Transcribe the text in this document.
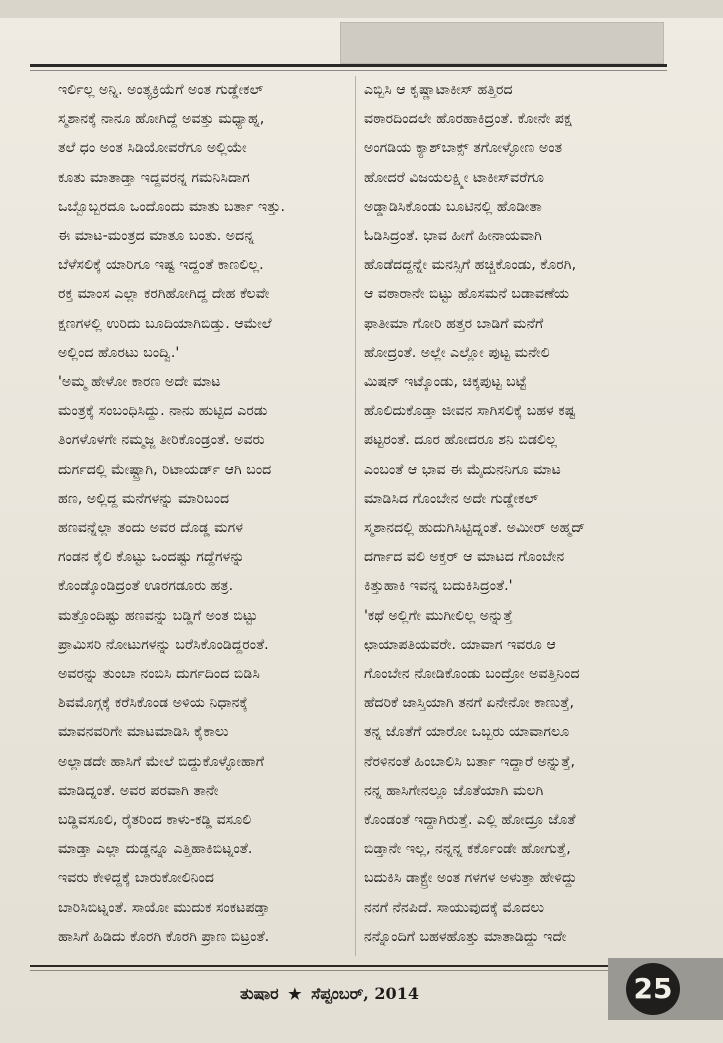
ಇರ್ಲಿಲ್ಲ ಅನ್ನಿ. ಅಂತ್ಯಕ್ರಿಯೆಗೆ ಅಂತ ಗುಡ್ಡೇಕಲ್

ಸ್ಮಶಾನಕ್ಕೆ ನಾನೂ ಹೋಗಿದ್ದೆ ಅವತ್ತು ಮಧ್ಯಾಹ್ನ,

ತಲೆ ಧಂ ಅಂತ ಸಿಡಿಯೋವರೆಗೂ ಅಲ್ಲಿಯೇ

ಕೂತು ಮಾತಾಡ್ತಾ ಇದ್ದವರನ್ನ ಗಮನಿಸಿದಾಗ

ಒಬ್ಬೊಬ್ಬರದೂ ಒಂದೊಂದು ಮಾತು ಬರ್ತಾ ಇತ್ತು.

ಈ ಮಾಟ-ಮಂತ್ರದ ಮಾತೂ ಬಂತು. ಅದನ್ನ

ಬೆಳೆಸಲಿಕ್ಕೆ ಯಾರಿಗೂ ಇಷ್ಟ ಇದ್ದಂತೆ ಕಾಣಲಿಲ್ಲ.

ರಕ್ತ ಮಾಂಸ ಎಲ್ಲಾ ಕರಗಿಹೋಗಿದ್ದ ದೇಹ ಕೆಲವೇ

ಕ್ಷಣಗಳಲ್ಲಿ ಉರಿದು ಬೂದಿಯಾಗಿಬಿಡ್ತು. ಆಮೇಲೆ

ಅಲ್ಲಿಂದ ಹೊರಟು ಬಂದ್ವಿ.'

'ಅಮ್ಮ ಹೇಳೋ ಕಾರಣ ಅದೇ ಮಾಟ

ಮಂತ್ರಕ್ಕೆ ಸಂಬಂಧಿಸಿದ್ದು. ನಾನು ಹುಟ್ಟಿದ ಎರಡು

ತಿಂಗಳೊಳಗೇ ನಮ್ಮಜ್ಜ ತೀರಿಕೊಂಡ್ರಂತೆ. ಅವರು

ದುರ್ಗದಲ್ಲಿ ಮೇಷ್ಟ್ರಾಗಿ, ರಿಟಾಯರ್ಡ್ ಆಗಿ ಬಂದ

ಹಣ, ಅಲ್ಲಿದ್ದ ಮನೆಗಳನ್ನು ಮಾರಿಬಂದ

ಹಣವನ್ನೆಲ್ಲಾ ತಂದು ಅವರ ದೊಡ್ಡ ಮಗಳ

ಗಂಡನ ಕೈಲಿ ಕೊಟ್ಟು ಒಂದಷ್ಟು ಗದ್ದೆಗಳನ್ನು

ಕೊಂಡ್ಕೊಂಡಿದ್ರಂತೆ ಊರಗಡೂರು ಹತ್ರ.

ಮತ್ತೊಂದಿಷ್ಟು ಹಣವನ್ನು ಬಡ್ಡಿಗೆ ಅಂತ ಬಿಟ್ಟು

ಪ್ರಾಮಿಸರಿ ನೋಟುಗಳನ್ನು ಬರೆಸಿಕೊಂಡಿದ್ದರಂತೆ.

ಅವರನ್ನು ತುಂಬಾ ನಂಬಿಸಿ ದುರ್ಗದಿಂದ ಬಿಡಿಸಿ

ಶಿವಮೊಗ್ಗಕ್ಕೆ ಕರೆಸಿಕೊಂಡ ಅಳಿಯ ನಿಧಾನಕ್ಕೆ

ಮಾವನವರಿಗೇ ಮಾಟಮಾಡಿಸಿ ಕೈಕಾಲು

ಅಲ್ಲಾಡದೇ ಹಾಸಿಗೆ ಮೇಲೆ ಬಿದ್ದುಕೊಳ್ಳೋಹಾಗೆ

ಮಾಡಿದ್ನಂತೆ. ಅವರ ಪರವಾಗಿ ತಾನೇ

ಬಡ್ಡಿವಸೂಲಿ, ರೈತರಿಂದ ಕಾಳು-ಕಡ್ಡಿ ವಸೂಲಿ

ಮಾಡ್ತಾ ಎಲ್ಲಾ ದುಡ್ಡನ್ನೂ ಎತ್ತಿಹಾಕಿಬಿಟ್ನಂತೆ.

ಇವರು ಕೇಳಿದ್ದಕ್ಕೆ ಬಾರುಕೋಲಿನಿಂದ

ಬಾರಿಸಿಬಿಟ್ನಂತೆ. ಸಾಯೋ ಮುದುಕ ಸಂಕಟಪಡ್ತಾ

ಹಾಸಿಗೆ ಹಿಡಿದು ಕೊರಗಿ ಕೊರಗಿ ಪ್ರಾಣ ಬಿಟ್ರಂತೆ.

ಎಬ್ಬಿಸಿ ಆ ಕೃಷ್ಣಾಟಾಕೀಸ್ ಹತ್ತಿರದ

ವಠಾರದಿಂದಲೇ ಹೊರಹಾಕಿದ್ರಂತೆ. ಕೋನೇ ಪಕ್ಷ

ಅಂಗಡಿಯ ಕ್ಯಾಶ್‌ಬಾಕ್ಸ್ ತಗೋಳ್ಳೋಣ ಅಂತ

ಹೋದರೆ ವಿಜಯಲಕ್ಷ್ಮೀ ಟಾಕೀಸ್‌ವರೆಗೂ

ಅಡ್ಡಾಡಿಸಿಕೊಂಡು ಬೂಟಿನಲ್ಲಿ ಹೊಡೀತಾ

ಓಡಿಸಿದ್ರಂತೆ. ಭಾವ ಹೀಗೆ ಹೀನಾಯವಾಗಿ

ಹೊಡೆದದ್ದನ್ನೇ ಮನಸ್ಸಿಗೆ ಹಚ್ಚಿಕೊಂಡು, ಕೊರಗಿ,

ಆ ವಠಾರಾನೇ ಬಿಟ್ಟು ಹೊಸಮನೆ ಬಡಾವಣೆಯ

ಫಾತೀಮಾ ಗೋರಿ ಹತ್ತರ ಬಾಡಿಗೆ ಮನೆಗೆ

ಹೋದ್ರಂತೆ. ಅಲ್ಲೇ ಎಲ್ಲೋ ಪುಟ್ಟ ಮನೇಲಿ

ಮಿಷನ್ ಇಟ್ಕೊಂಡು, ಚಿಕ್ಕಪುಟ್ಟ ಬಟ್ಟೆ

ಹೊಲಿದುಕೊಡ್ತಾ ಜೀವನ ಸಾಗಿಸಲಿಕ್ಕೆ ಬಹಳ ಕಷ್ಟ

ಪಟ್ಟರಂತೆ. ದೂರ ಹೋದರೂ ಶನಿ ಬಿಡಲಿಲ್ಲ

ಎಂಬಂತೆ ಆ ಭಾವ ಈ ಮೈದುನನಿಗೂ ಮಾಟ

ಮಾಡಿಸಿದ ಗೊಂಬೇನ ಅದೇ ಗುಡ್ಡೇಕಲ್

ಸ್ಮಶಾನದಲ್ಲಿ ಹುದುಗಿಸಿಟ್ಟಿದ್ನಂತೆ. ಅಮೀರ್ ಅಹ್ಮದ್

ದರ್ಗಾದ ವಲಿ ಅಕ್ತರ್ ಆ ಮಾಟದ ಗೊಂಬೇನ

ಕಿತ್ತುಹಾಕಿ ಇವನ್ನ ಬದುಕಿಸಿದ್ರಂತೆ.'

'ಕಥೆ ಅಲ್ಲಿಗೇ ಮುಗೀಲಿಲ್ಲ ಅನ್ನುತ್ತೆ

ಛಾಯಾಪತಿಯವರೇ. ಯಾವಾಗ ಇವರೂ ಆ

ಗೊಂಬೇನ ನೋಡಿಕೊಂಡು ಬಂದ್ರೋ ಅವತ್ತಿನಿಂದ

ಹೆದರಿಕೆ ಜಾಸ್ತಿಯಾಗಿ ತನಗೆ ಏನೇನೋ ಕಾಣುತ್ತೆ,

ತನ್ನ ಜೊತೆಗೆ ಯಾರೋ ಒಬ್ಬರು ಯಾವಾಗಲೂ

ನೆರಳಿನಂತೆ ಹಿಂಬಾಲಿಸಿ ಬರ್ತಾ ಇದ್ದಾರೆ ಅನ್ನುತ್ತೆ,

ನನ್ನ ಹಾಸಿಗೇನಲ್ಲೂ ಜೊತೆಯಾಗಿ ಮಲಗಿ

ಕೊಂಡಂತೆ ಇದ್ದಾಗಿರುತ್ತೆ. ಎಲ್ಲಿ ಹೋದ್ರೂ ಜೊತೆ

ಬಿಡ್ತಾನೇ ಇಲ್ಲ, ನನ್ನನ್ನ ಕರ್ಕೊಂಡೇ ಹೋಗುತ್ತೆ,

ಬದುಕಿಸಿ ಡಾಕ್ಟ್ರೇ ಅಂತ ಗಳಗಳ ಅಳುತ್ತಾ ಹೇಳಿದ್ದು

ನನಗೆ ನೆನಪಿದೆ. ಸಾಯುವುದಕ್ಕೆ ಮೊದಲು

ನನ್ನೊಂದಿಗೆ ಬಹಳಹೊತ್ತು ಮಾತಾಡಿದ್ದು ಇದೇ

ತುಷಾರ ★ ಸೆಪ್ಟಂಬರ್, 2014	25
